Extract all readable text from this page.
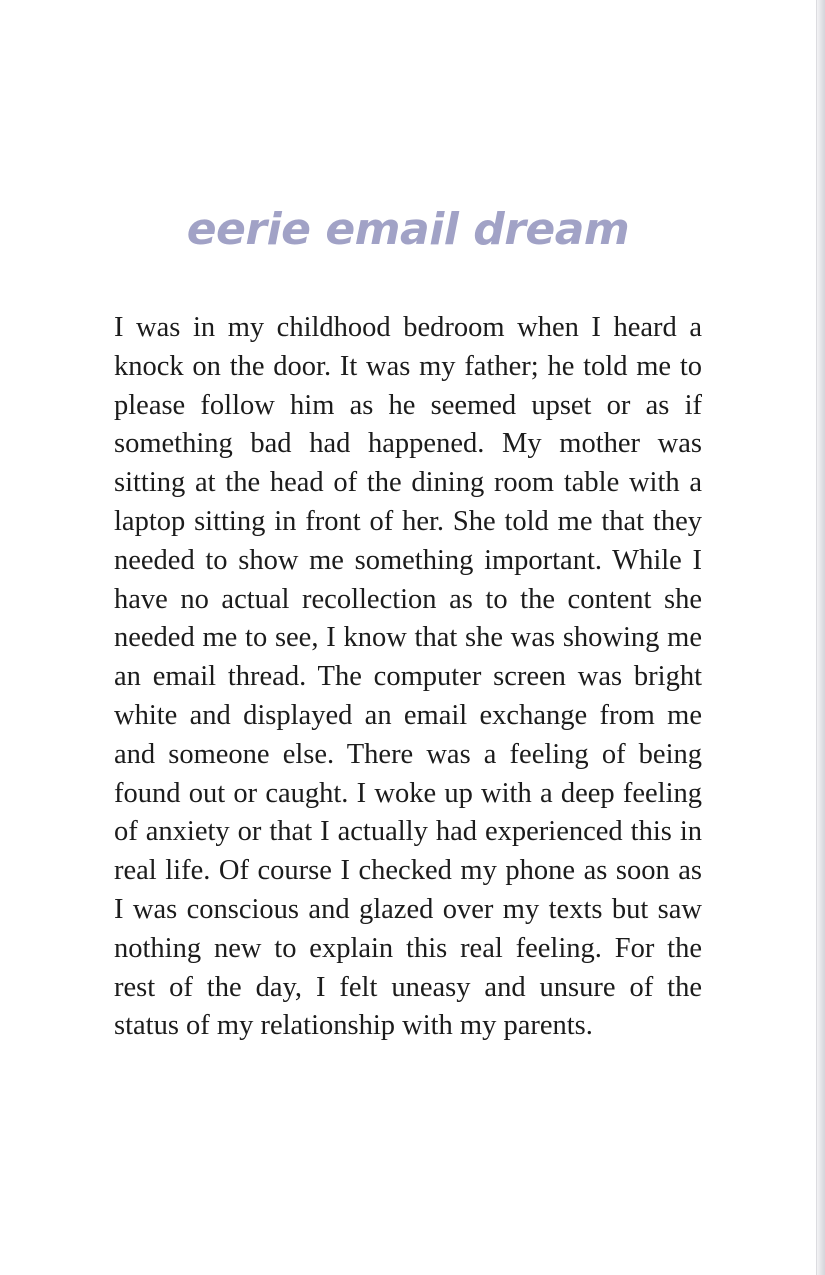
eerie email dream

I was in my childhood bedroom when I heard a knock on the door. It was my father; he told me to please follow him as he seemed upset or as if something bad had happened. My mother was sitting at the head of the dining room table with a laptop sitting in front of her. She told me that they needed to show me something important. While I have no actual recollection as to the content she needed me to see, I know that she was showing me an email thread. The computer screen was bright white and displayed an email exchange from me and someone else. There was a feeling of being found out or caught. I woke up with a deep feeling of anxiety or that I actually had experienced this in real life. Of course I checked my phone as soon as I was conscious and glazed over my texts but saw nothing new to explain this real feeling. For the rest of the day, I felt uneasy and unsure of the status of my relationship with my parents.
